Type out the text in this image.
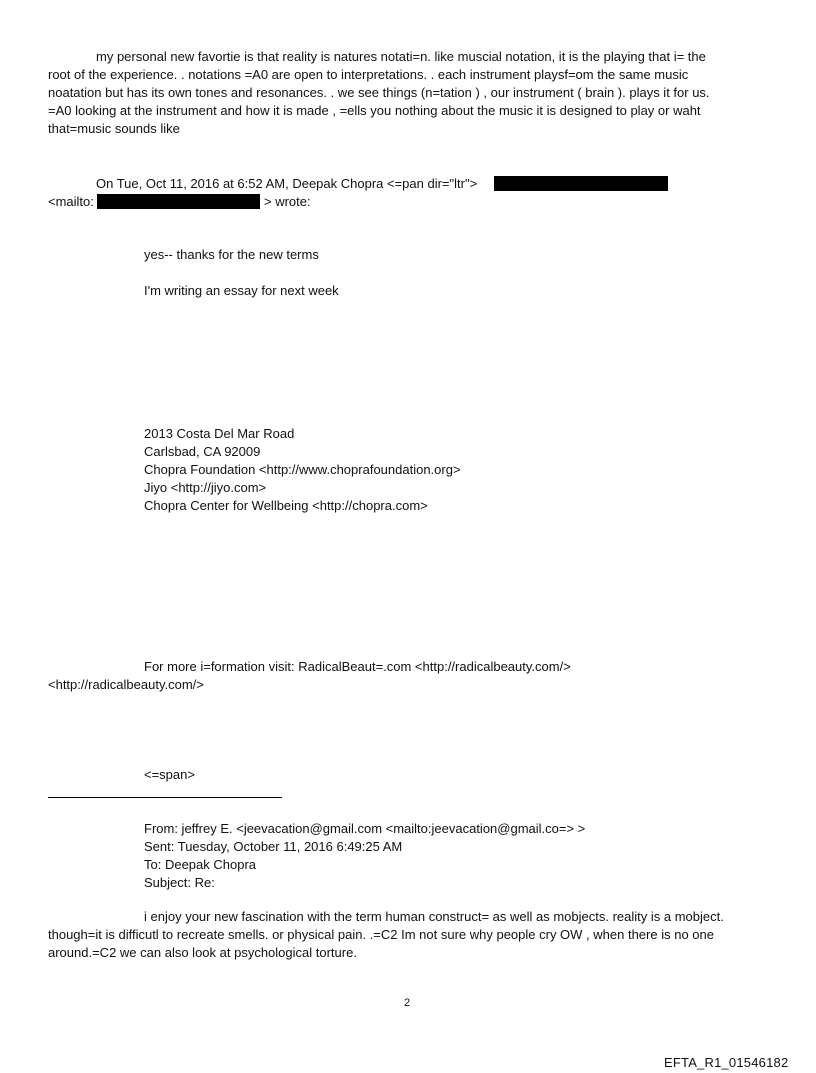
my personal new favortie is that reality is natures notati=n. like muscial notation, it is the playing that i= the
root of the experience. . notations =A0 are open to interpretations. . each instrument playsf=om the same music
noatation but has its own tones and resonances. . we see things (n=tation ) , our instrument ( brain ). plays it for us.
=A0 looking at the instrument and how it is made , =ells you nothing about the music it is designed to play or waht
that=music sounds like
On Tue, Oct 11, 2016 at 6:52 AM, Deepak Chopra <=pan dir="ltr">
<mailto:	> wrote:
yes-- thanks for the new terms
I'm writing an essay for next week
2013 Costa Del Mar Road
Carlsbad, CA 92009
Chopra Foundation <http://www.choprafoundation.org>
Jiyo <http://jiyo.com>
Chopra Center for Wellbeing <http://chopra.com>
For more i=formation visit: RadicalBeaut=.com <http://radicalbeauty.com/>
<http://radicalbeauty.com/>
<=span>
From: jeffrey E. <jeevacation@gmail.com <mailto:jeevacation@gmail.co=> >
Sent: Tuesday, October 11, 2016 6:49:25 AM
To: Deepak Chopra
Subject: Re:
i enjoy your new fascination with the term human construct= as well as mobjects. reality is a mobject.
though=it is difficutl to recreate smells. or physical pain. .=C2 Im not sure why people cry OW , when there is no one
around.=C2 we can also look at psychological torture.
2
EFTA_R1_01546182
